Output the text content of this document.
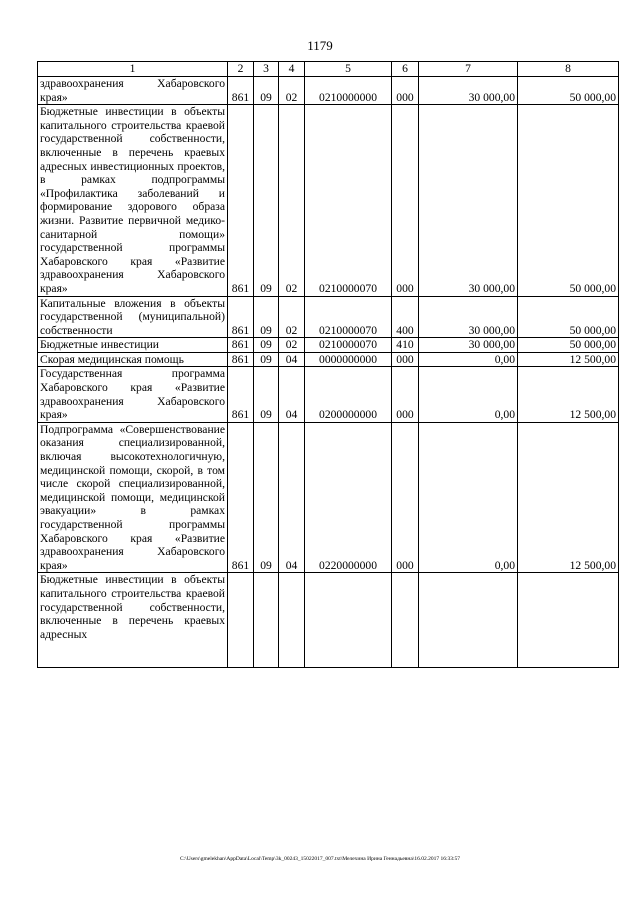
1179
1	2	3	4	5	6	7	8
здравоохранения Хабаровского края»	861	09	02	0210000000	000	30 000,00	50 000,00
Бюджетные инвестиции в объекты капитального строительства краевой государственной собственности, включенные в перечень краевых адресных инвестиционных проектов, в рамках подпрограммы «Профилактика заболеваний и формирование здорового образа жизни. Развитие первичной медико-санитарной помощи» государственной программы Хабаровского края «Развитие здравоохранения Хабаровского края»	861	09	02	0210000070	000	30 000,00	50 000,00
Капитальные вложения в объекты государственной (муниципальной) собственности	861	09	02	0210000070	400	30 000,00	50 000,00
Бюджетные инвестиции	861	09	02	0210000070	410	30 000,00	50 000,00
Скорая медицинская помощь	861	09	04	0000000000	000	0,00	12 500,00
Государственная программа Хабаровского края «Развитие здравоохранения Хабаровского края»	861	09	04	0200000000	000	0,00	12 500,00
Подпрограмма «Совершенствование оказания специализированной, включая высокотехнологичную, медицинской помощи, скорой, в том числе скорой специализированной, медицинской помощи, медицинской эвакуации» в рамках государственной программы Хабаровского края «Развитие здравоохранения Хабаровского края»	861	09	04	0220000000	000	0,00	12 500,00
Бюджетные инвестиции в объекты капитального строительства краевой государственной собственности, включенные в перечень краевых адресных							
C:\Users\gmelekhan\AppData\Local\Temp\3k_00243_15022017_007.txt\Мелехина Ирина Геннадьевна\16.02.2017 16:33:57
